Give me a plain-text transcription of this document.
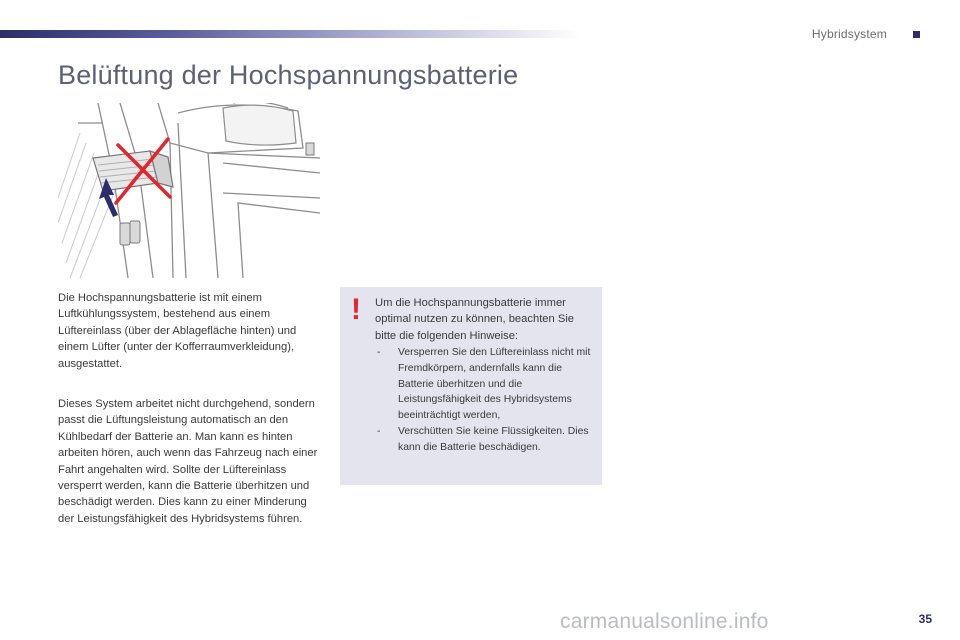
Hybridsystem
Belüftung der Hochspannungsbatterie
Die Hochspannungsbatterie ist mit einem Luftkühlungssystem, bestehend aus einem Lüftereinlass (über der Ablagefläche hinten) und einem Lüfter (unter der Kofferraumverkleidung), ausgestattet.
Dieses System arbeitet nicht durchgehend, sondern passt die Lüftungsleistung automatisch an den Kühlbedarf der Batterie an. Man kann es hinten arbeiten hören, auch wenn das Fahrzeug nach einer Fahrt angehalten wird. Sollte der Lüftereinlass versperrt werden, kann die Batterie überhitzen und beschädigt werden. Dies kann zu einer Minderung der Leistungsfähigkeit des Hybridsystems führen.
! Um die Hochspannungsbatterie immer optimal nutzen zu können, beachten Sie bitte die folgenden Hinweise:
- Versperren Sie den Lüftereinlass nicht mit Fremdkörpern, andernfalls kann die Batterie überhitzen und die Leistungsfähigkeit des Hybridsystems beeinträchtigt werden,
- Verschütten Sie keine Flüssigkeiten. Dies kann die Batterie beschädigen.
35
carmanualsonline.info
